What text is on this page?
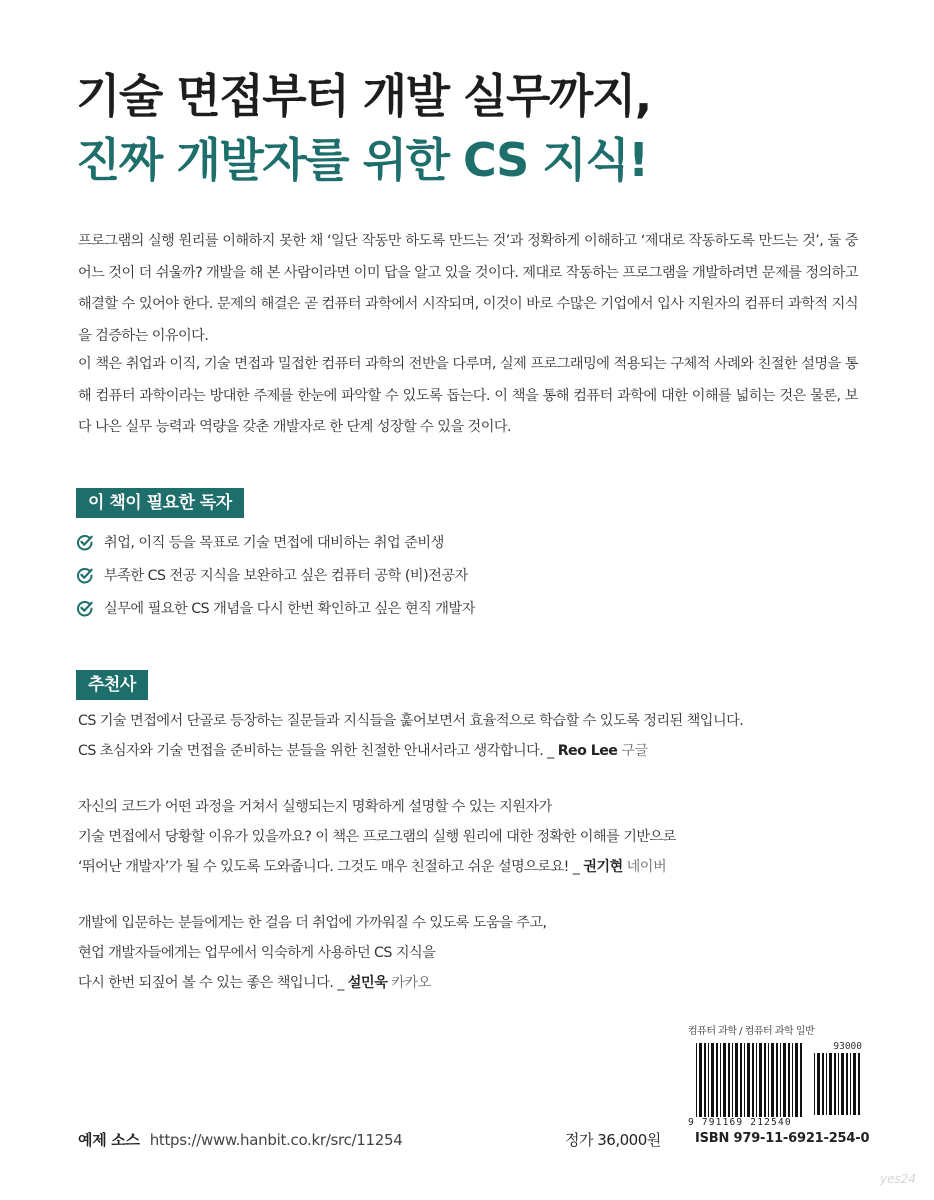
기술 면접부터 개발 실무까지,
진짜 개발자를 위한 CS 지식!

프로그램의 실행 원리를 이해하지 못한 채 ‘일단 작동만 하도록 만드는 것’과 정확하게 이해하고 ‘제대로 작동하도록 만드는 것’, 둘 중 어느 것이 더 쉬울까? 개발을 해 본 사람이라면 이미 답을 알고 있을 것이다. 제대로 작동하는 프로그램을 개발하려면 문제를 정의하고 해결할 수 있어야 한다. 문제의 해결은 곧 컴퓨터 과학에서 시작되며, 이것이 바로 수많은 기업에서 입사 지원자의 컴퓨터 과학적 지식을 검증하는 이유이다.

이 책은 취업과 이직, 기술 면접과 밀접한 컴퓨터 과학의 전반을 다루며, 실제 프로그래밍에 적용되는 구체적 사례와 친절한 설명을 통해 컴퓨터 과학이라는 방대한 주제를 한눈에 파악할 수 있도록 돕는다. 이 책을 통해 컴퓨터 과학에 대한 이해를 넓히는 것은 물론, 보다 나은 실무 능력과 역량을 갖춘 개발자로 한 단계 성장할 수 있을 것이다.

이 책이 필요한 독자
취업, 이직 등을 목표로 기술 면접에 대비하는 취업 준비생
부족한 CS 전공 지식을 보완하고 싶은 컴퓨터 공학 (비)전공자
실무에 필요한 CS 개념을 다시 한번 확인하고 싶은 현직 개발자
추천사
CS 기술 면접에서 단골로 등장하는 질문들과 지식들을 훑어보면서 효율적으로 학습할 수 있도록 정리된 책입니다.
CS 초심자와 기술 면접을 준비하는 분들을 위한 친절한 안내서라고 생각합니다. _ Reo Lee 구글
자신의 코드가 어떤 과정을 거쳐서 실행되는지 명확하게 설명할 수 있는 지원자가
기술 면접에서 당황할 이유가 있을까요? 이 책은 프로그램의 실행 원리에 대한 정확한 이해를 기반으로
‘뛰어난 개발자’가 될 수 있도록 도와줍니다. 그것도 매우 친절하고 쉬운 설명으로요! _ 권기현 네이버
개발에 입문하는 분들에게는 한 걸음 더 취업에 가까워질 수 있도록 도움을 주고,
현업 개발자들에게는 업무에서 익숙하게 사용하던 CS 지식을
다시 한번 되짚어 볼 수 있는 좋은 책입니다. _ 설민욱 카카오
컴퓨터 과학 / 컴퓨터 과학 일반
93000
9 791169 212540
예제 소스 https://www.hanbit.co.kr/src/11254	정가 36,000원	ISBN 979-11-6921-254-0
yes24
